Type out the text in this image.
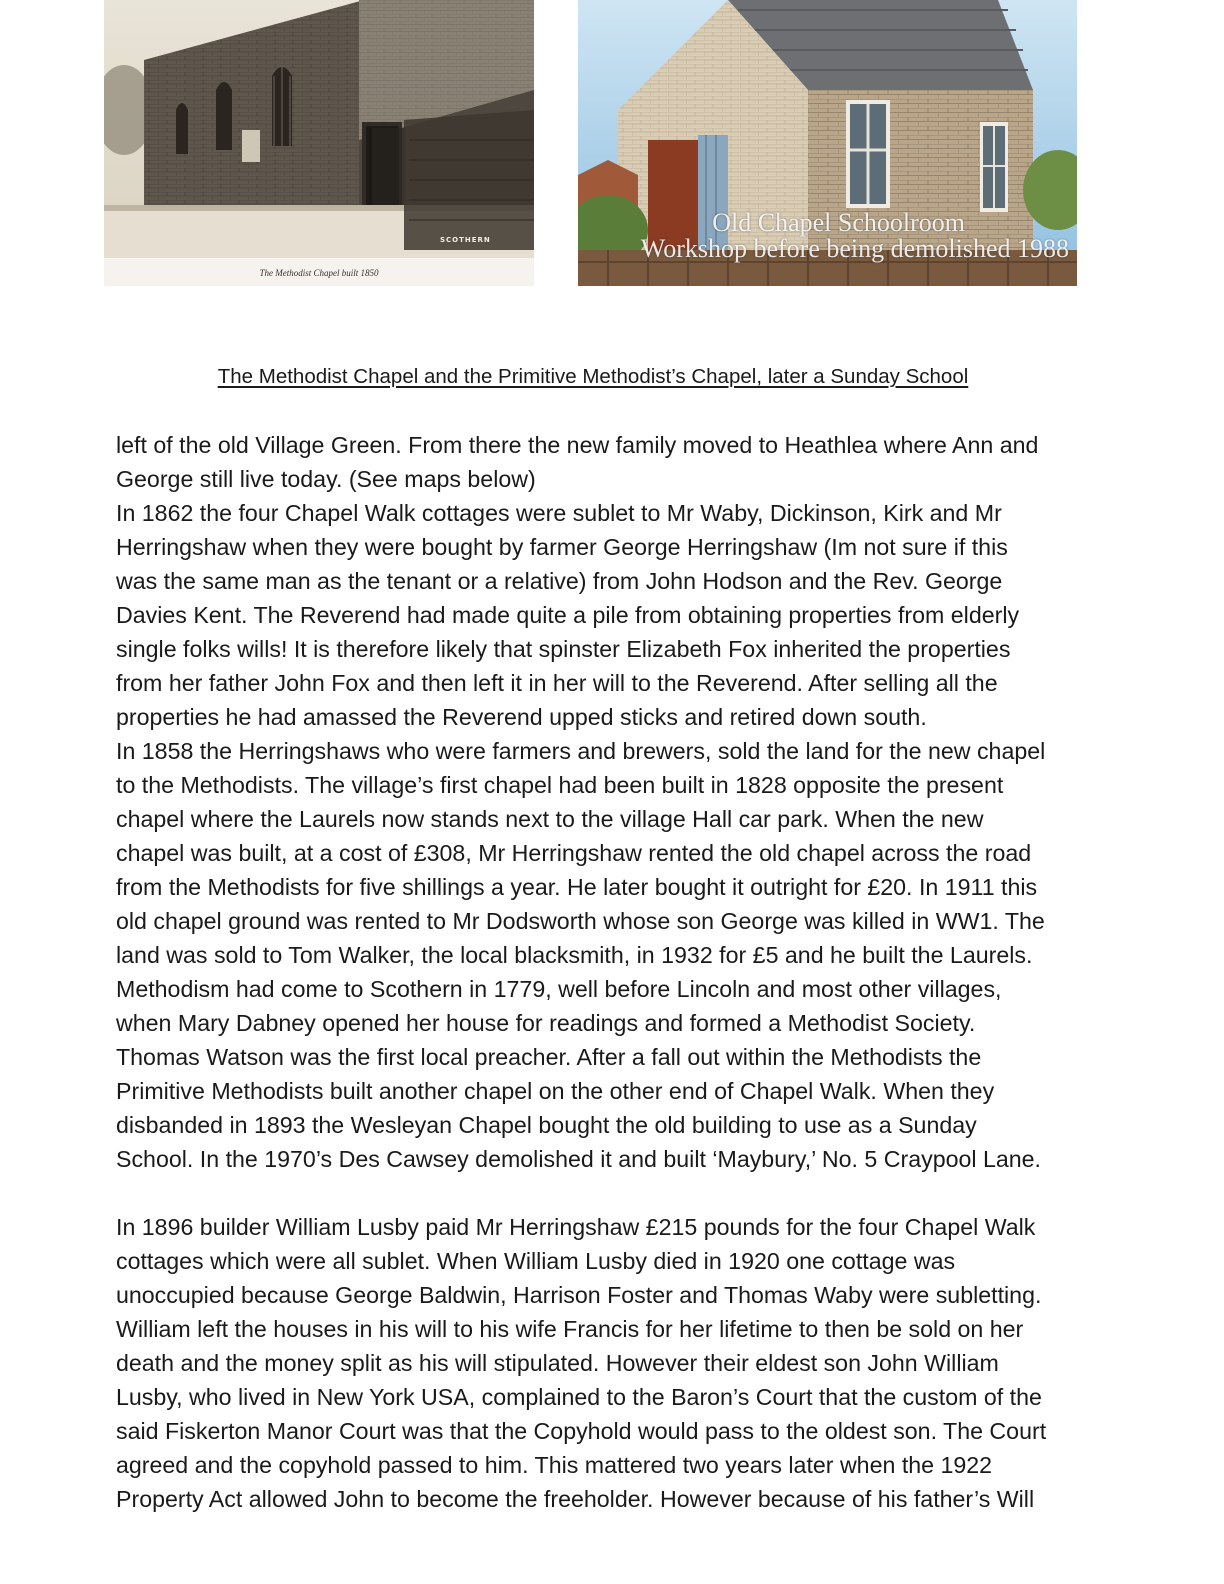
SCOTHERN
The Methodist Chapel built 1850
Old Chapel Schoolroom
Workshop before being demolished 1988
The Methodist Chapel and the Primitive Methodist’s Chapel, later a Sunday School

left of the old Village Green. From there the new family moved to Heathlea where Ann and
George still live today. (See maps below)
In 1862 the four Chapel Walk cottages were sublet to Mr Waby, Dickinson, Kirk and Mr
Herringshaw when they were bought by farmer George Herringshaw (Im not sure if this
was the same man as the tenant or a relative) from John Hodson and the Rev. George
Davies Kent. The Reverend had made quite a pile from obtaining properties from elderly
single folks wills! It is therefore likely that spinster Elizabeth Fox inherited the properties
from her father John Fox and then left it in her will to the Reverend. After selling all the
properties he had amassed the Reverend upped sticks and retired down south.
In 1858 the Herringshaws who were farmers and brewers, sold the land for the new chapel
to the Methodists. The village’s first chapel had been built in 1828 opposite the present
chapel where the Laurels now stands next to the village Hall car park. When the new
chapel was built, at a cost of £308, Mr Herringshaw rented the old chapel across the road
from the Methodists for five shillings a year. He later bought it outright for £20. In 1911 this
old chapel ground was rented to Mr Dodsworth whose son George was killed in WW1. The
land was sold to Tom Walker, the local blacksmith, in 1932 for £5 and he built the Laurels.
Methodism had come to Scothern in 1779, well before Lincoln and most other villages,
when Mary Dabney opened her house for readings and formed a Methodist Society.
Thomas Watson was the first local preacher. After a fall out within the Methodists the
Primitive Methodists built another chapel on the other end of Chapel Walk. When they
disbanded in 1893 the Wesleyan Chapel bought the old building to use as a Sunday
School. In the 1970’s Des Cawsey demolished it and built ‘Maybury,’ No. 5 Craypool Lane.

In 1896 builder William Lusby paid Mr Herringshaw £215 pounds for the four Chapel Walk
cottages which were all sublet. When William Lusby died in 1920 one cottage was
unoccupied because George Baldwin, Harrison Foster and Thomas Waby were subletting.
William left the houses in his will to his wife Francis for her lifetime to then be sold on her
death and the money split as his will stipulated. However their eldest son John William
Lusby, who lived in New York USA, complained to the Baron’s Court that the custom of the
said Fiskerton Manor Court was that the Copyhold would pass to the oldest son. The Court
agreed and the copyhold passed to him. This mattered two years later when the 1922
Property Act allowed John to become the freeholder. However because of his father’s Will
